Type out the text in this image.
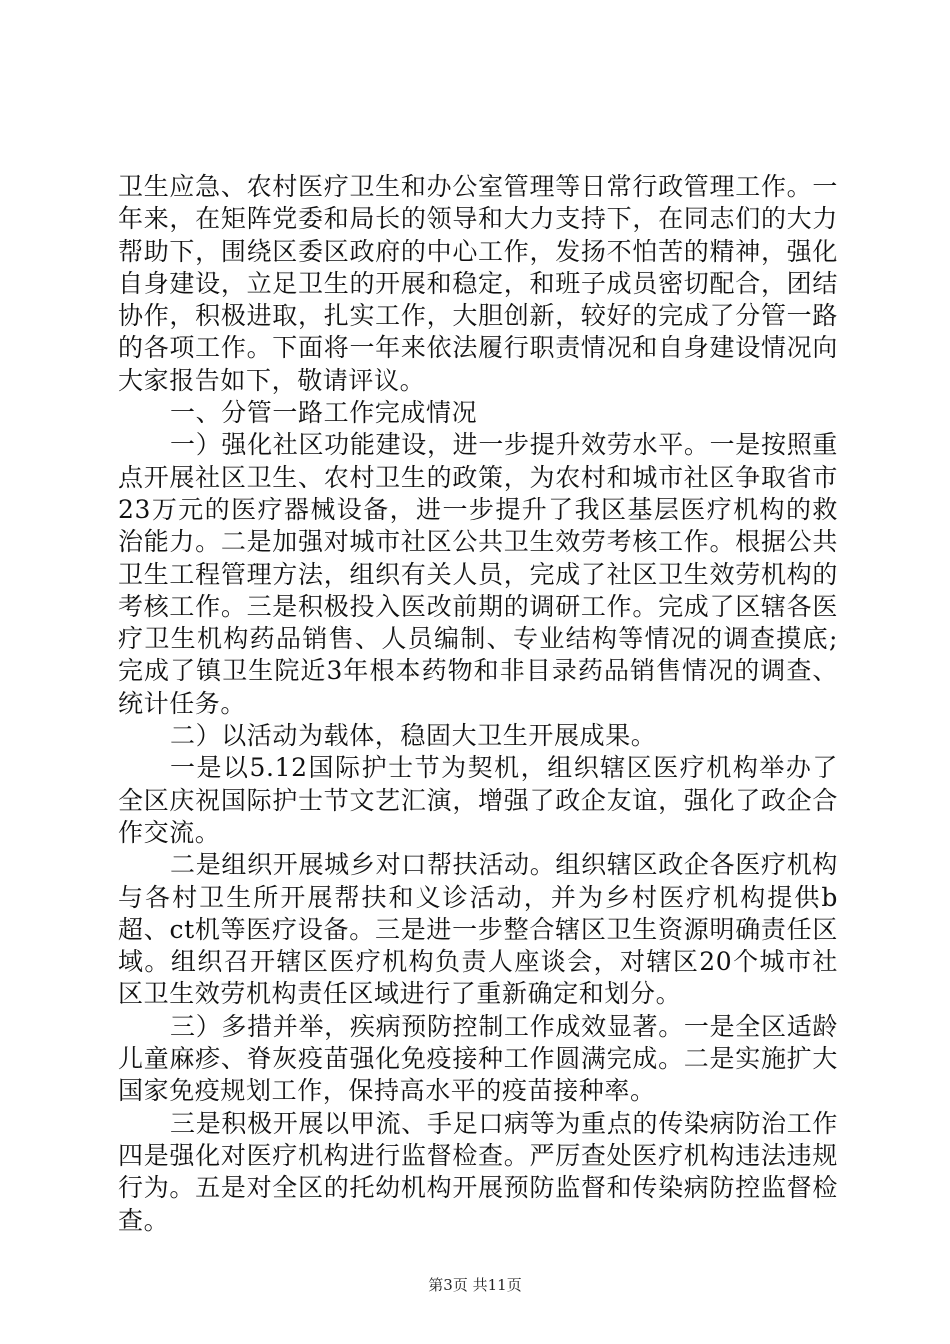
卫生应急、农村医疗卫生和办公室管理等日常行政管理工作。一年来，在矩阵党委和局长的领导和大力支持下，在同志们的大力帮助下，围绕区委区政府的中心工作，发扬不怕苦的精神，强化自身建设，立足卫生的开展和稳定，和班子成员密切配合，团结协作，积极进取，扎实工作，大胆创新，较好的完成了分管一路的各项工作。下面将一年来依法履行职责情况和自身建设情况向大家报告如下，敬请评议。

一、分管一路工作完成情况

一）强化社区功能建设，进一步提升效劳水平。一是按照重点开展社区卫生、农村卫生的政策，为农村和城市社区争取省市23万元的医疗器械设备，进一步提升了我区基层医疗机构的救治能力。二是加强对城市社区公共卫生效劳考核工作。根据公共卫生工程管理方法，组织有关人员，完成了社区卫生效劳机构的考核工作。三是积极投入医改前期的调研工作。完成了区辖各医疗卫生机构药品销售、人员编制、专业结构等情况的调查摸底;完成了镇卫生院近3年根本药物和非目录药品销售情况的调查、统计任务。

二）以活动为载体，稳固大卫生开展成果。

一是以5.12国际护士节为契机，组织辖区医疗机构举办了全区庆祝国际护士节文艺汇演，增强了政企友谊，强化了政企合作交流。

二是组织开展城乡对口帮扶活动。组织辖区政企各医疗机构与各村卫生所开展帮扶和义诊活动，并为乡村医疗机构提供b超、ct机等医疗设备。三是进一步整合辖区卫生资源明确责任区域。组织召开辖区医疗机构负责人座谈会，对辖区20个城市社区卫生效劳机构责任区域进行了重新确定和划分。

三）多措并举，疾病预防控制工作成效显著。一是全区适龄儿童麻疹、脊灰疫苗强化免疫接种工作圆满完成。二是实施扩大国家免疫规划工作，保持高水平的疫苗接种率。

三是积极开展以甲流、手足口病等为重点的传染病防治工作四是强化对医疗机构进行监督检查。严厉查处医疗机构违法违规行为。五是对全区的托幼机构开展预防监督和传染病防控监督检查。

第3页 共11页
